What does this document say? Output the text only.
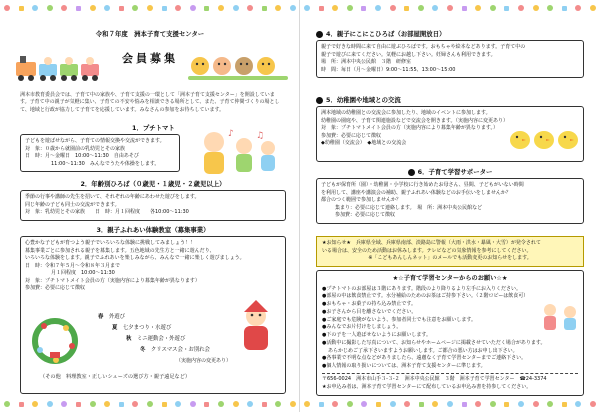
令和７年度　洲本子育て支援センター
会員募集
洲本市教育委員会では、子育て中の家族や、子育て支援の一環として「洲本子育て支援センター」を開設しています。子育て中の親子が気軽に集い、子育ての不安や悩みを相談できる場所として、また、子育て仲間づくりの場として、地域と行政が協力して子育てを応援しています。みなさんの参加をお待ちしています。
1．プチトマト
子どもを遊ばせながら、子育ての情報交換や交流ができます。
対　象：０歳から就園前の乳幼児とその家族
日　時：月～金曜日　10:00～11:30　自由あそび
11:00～11:30　みんなでうたや体操をします。
♪ ♫
2．年齢別ひろば（０歳児・１歳児・２歳児以上）
季節の行事や講師の先生を招いて、それぞれの年齢にあわせた遊びをします。
同じ年齢の子ども同士の交流ができます。
対　象：乳幼児とその家族　　日　時：月１回程度　　各10:00～11:30
3．親子ふれあい体験教室（募集事業）
心豊かな子どもが育つよう親子でいろいろな体験に挑戦してみましょう！！
募集事業ごとに参加される親子を募集します。五色地域の先生方と一緒に遊んだり、
いろいろな体験をします。親子でふれあいを楽しみながら、みんなで一緒に楽しく遊びましょう。
日　時：令和７年５月～令和８年３月まで
月１回程度　10:00～11:30
対　象：プチトマトメイト会員の方（実施内容により募集年齢が異なります）
参加費：必要に応じて徴収
春　 外遊び
夏　 七夕まつり・水遊び
秋　 ミニ運動会・外遊び
冬　 クリスマス会・お別れ会
（実施内容の変更あり）
（その他　料理教室・正しいシューズの選び方・親子遠足など）
4．親子にこにこひろば（お部屋開放日）
親子で好きな時間に来て自由に遊ぶひろばです。おもちゃや絵本などあります。子育て中の
親子で遊びに来てください。気軽にお越し下さい。妊婦さんも利用できます。
場　所：洲本中央公民館　３階　研修室
時　間：毎日（月～金曜日）9:00～11:55、13:00～15:00
5．幼稚園や地域との交流
洲本地域の幼稚園との交流会に参加したり、地域のイベントに参加します。
幼稚園の園庭や、子育て関連施設などで交流会を開きます。（実施内容に変更あり）
対　象：プチトマトメイト会員の方（実施内容により募集年齢が異なります。）
参加費：必要に応じて徴収
◆幼稚園（交流会）　◆地域との交流会
6．子育て学習サポーター
子どもが保育所（園）・幼稚園・小学校に行き始めたお母さん、昼間、子どもがいない時間
を利用して、講座や講演会の補助、親子ふれあい体験などのお手伝いをしませんか？
都合のつく範囲で参加しませんか？
集まり：必要に応じて連絡します。　場　所：洲本中央公民館など
参加費：必要に応じて徴収
★お知らせ★　兵庫県全域、兵庫県南部、淡路島に警報（大雨・洪水・暴風・大雪）が発令されて
いる場合は、安全のため活動はお休みします。テレビなどの気象情報を参考にしてください。
※「こどもあんしんネット」のメールでも活動変更のお知らせをします。
★☆子育て学習センターからのお願い☆★
●プチトマトのお部屋は３階にあります。階段のより降りるより左手にお入りください。
●部屋の中は飲食禁止です。水分補給のためのお茶はご持参下さい。（２階ロビーは飲食可）
●おもちゃ・お菓子の持ち込み禁止です。
●お子さんから目を離さないでください。
●ご家庭でも危険がないよう、参加者同士でも注意をお願いします。
●みんなでお片付けをしましょう。
●下の子を一人遊ばせないようにお願いします。
●活動中に撮影した写真について、お知らせやホームページに掲載させていただく場合があります。
あらかじめご了承下さいますようお願いします。ご都合の悪い方はお申し出下さい。
●各事業で不明な点などがありましたら、遠慮なく子育て学習センターまでご連絡下さい。
●個人情報の取り扱いについては、洲本子育て支援センターに準じます。
〒656-0024　洲本市山手３-３-２　洲本中央公民館　３階　洲本子育て学習センター　☎24-3374
★お申込み者は、洲本子育て学習センターにて配布しているお申込み書を持参してください。
